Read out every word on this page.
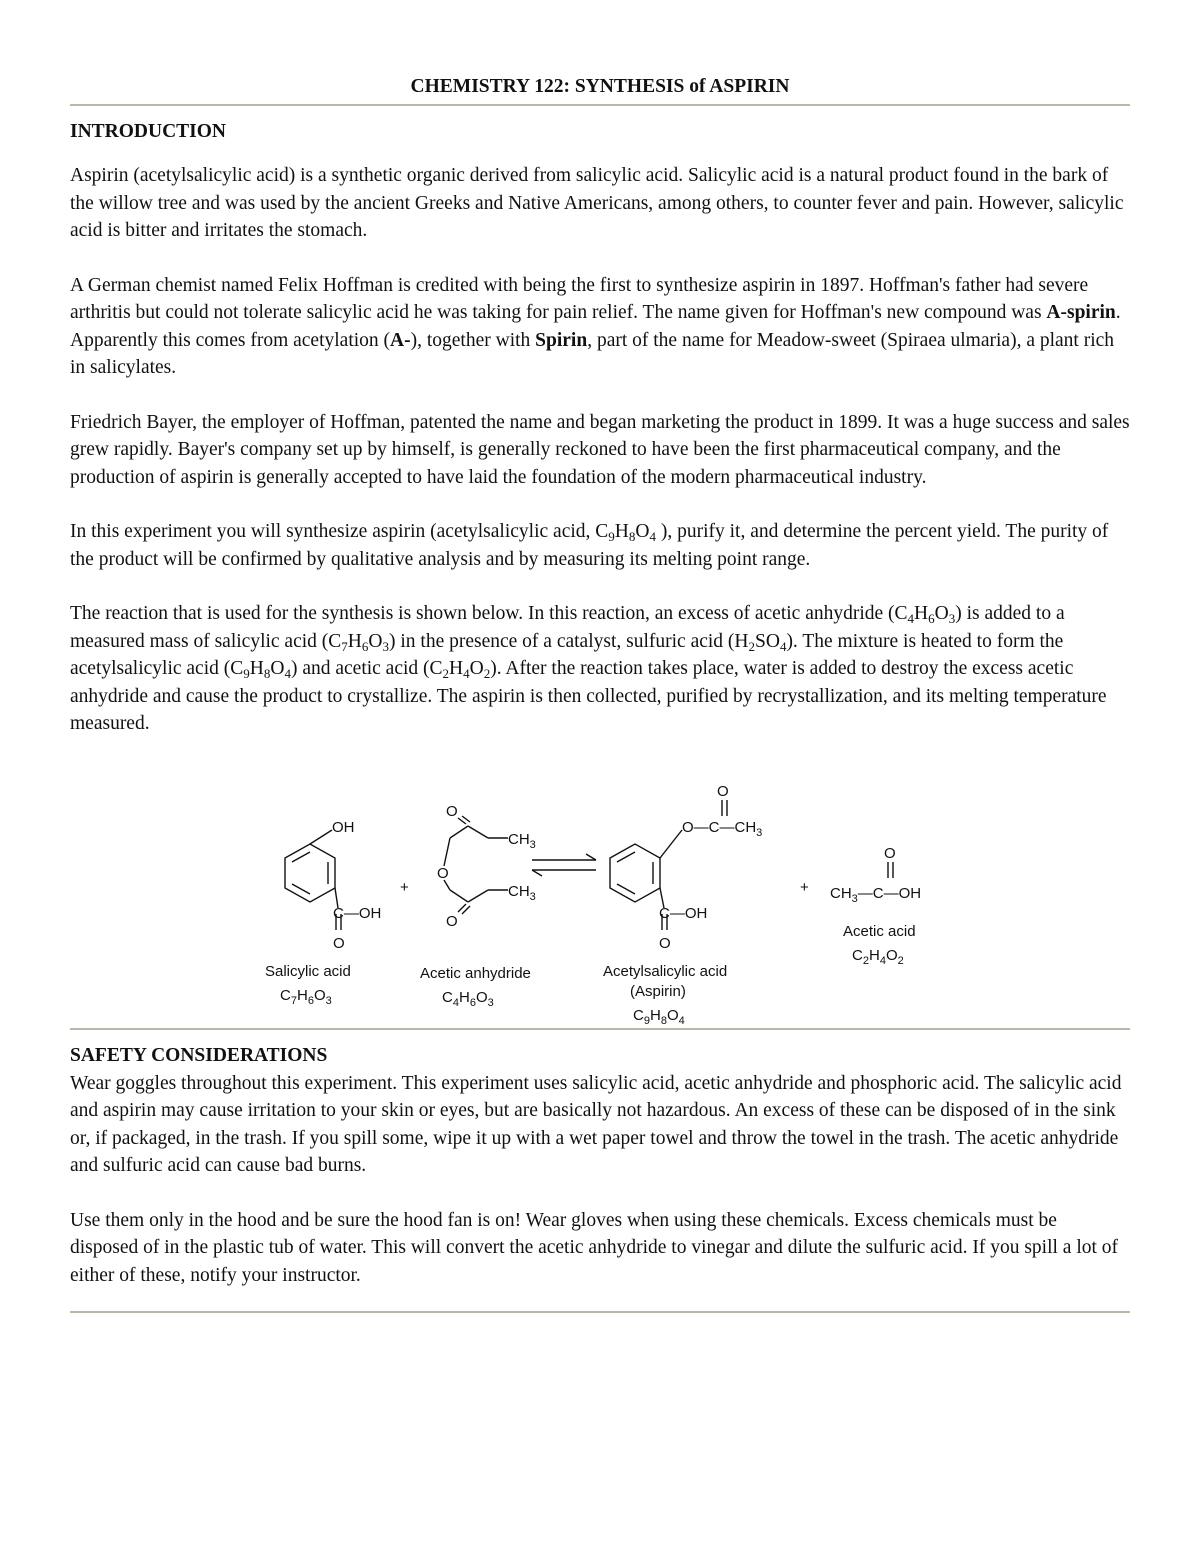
CHEMISTRY 122: SYNTHESIS of ASPIRIN
INTRODUCTION

Aspirin (acetylsalicylic acid) is a synthetic organic derived from salicylic acid. Salicylic acid is a natural product found in the bark of the willow tree and was used by the ancient Greeks and Native Americans, among others, to counter fever and pain. However, salicylic acid is bitter and irritates the stomach.

A German chemist named Felix Hoffman is credited with being the first to synthesize aspirin in 1897. Hoffman's father had severe arthritis but could not tolerate salicylic acid he was taking for pain relief. The name given for Hoffman's new compound was A-spirin. Apparently this comes from acetylation (A-), together with Spirin, part of the name for Meadow-sweet (Spiraea ulmaria), a plant rich in salicylates.

Friedrich Bayer, the employer of Hoffman, patented the name and began marketing the product in 1899. It was a huge success and sales grew rapidly. Bayer's company set up by himself, is generally reckoned to have been the first pharmaceutical company, and the production of aspirin is generally accepted to have laid the foundation of the modern pharmaceutical industry.

In this experiment you will synthesize aspirin (acetylsalicylic acid, $C_9H_8O_4$ ), purify it, and determine the percent yield. The purity of the product will be confirmed by qualitative analysis and by measuring its melting point range.

The reaction that is used for the synthesis is shown below. In this reaction, an excess of acetic anhydride $(C_4H_6O_3)$ is added to a measured mass of salicylic acid $(C_7H_6O_3)$ in the presence of a catalyst, sulfuric acid $(H_2SO_4)$. The mixture is heated to form the acetylsalicylic acid $(C_9H_8O_4)$ and acetic acid $(C_2H_4O_2)$. After the reaction takes place, water is added to destroy the excess acetic anhydride and cause the product to crystallize. The aspirin is then collected, purified by recrystallization, and its melting temperature measured.

OH
C—OH
O
Salicylic acid
$C_7H_6O_3$
+	+
O
$CH_3$
O
$CH_3$
O
Acetic anhydride
$C_4H_6O_3$
O
$O—C—CH_3$
C—OH
O
Acetylsalicylic acid
(Aspirin)
$C_9H_8O_4$
O
$CH_3—C—OH$
Acetic acid
$C_2H_4O_2$
SAFETY CONSIDERATIONS

Wear goggles throughout this experiment. This experiment uses salicylic acid, acetic anhydride and phosphoric acid. The salicylic acid and aspirin may cause irritation to your skin or eyes, but are basically not hazardous. An excess of these can be disposed of in the sink or, if packaged, in the trash. If you spill some, wipe it up with a wet paper towel and throw the towel in the trash. The acetic anhydride and sulfuric acid can cause bad burns.

Use them only in the hood and be sure the hood fan is on! Wear gloves when using these chemicals. Excess chemicals must be disposed of in the plastic tub of water. This will convert the acetic anhydride to vinegar and dilute the sulfuric acid. If you spill a lot of either of these, notify your instructor.
